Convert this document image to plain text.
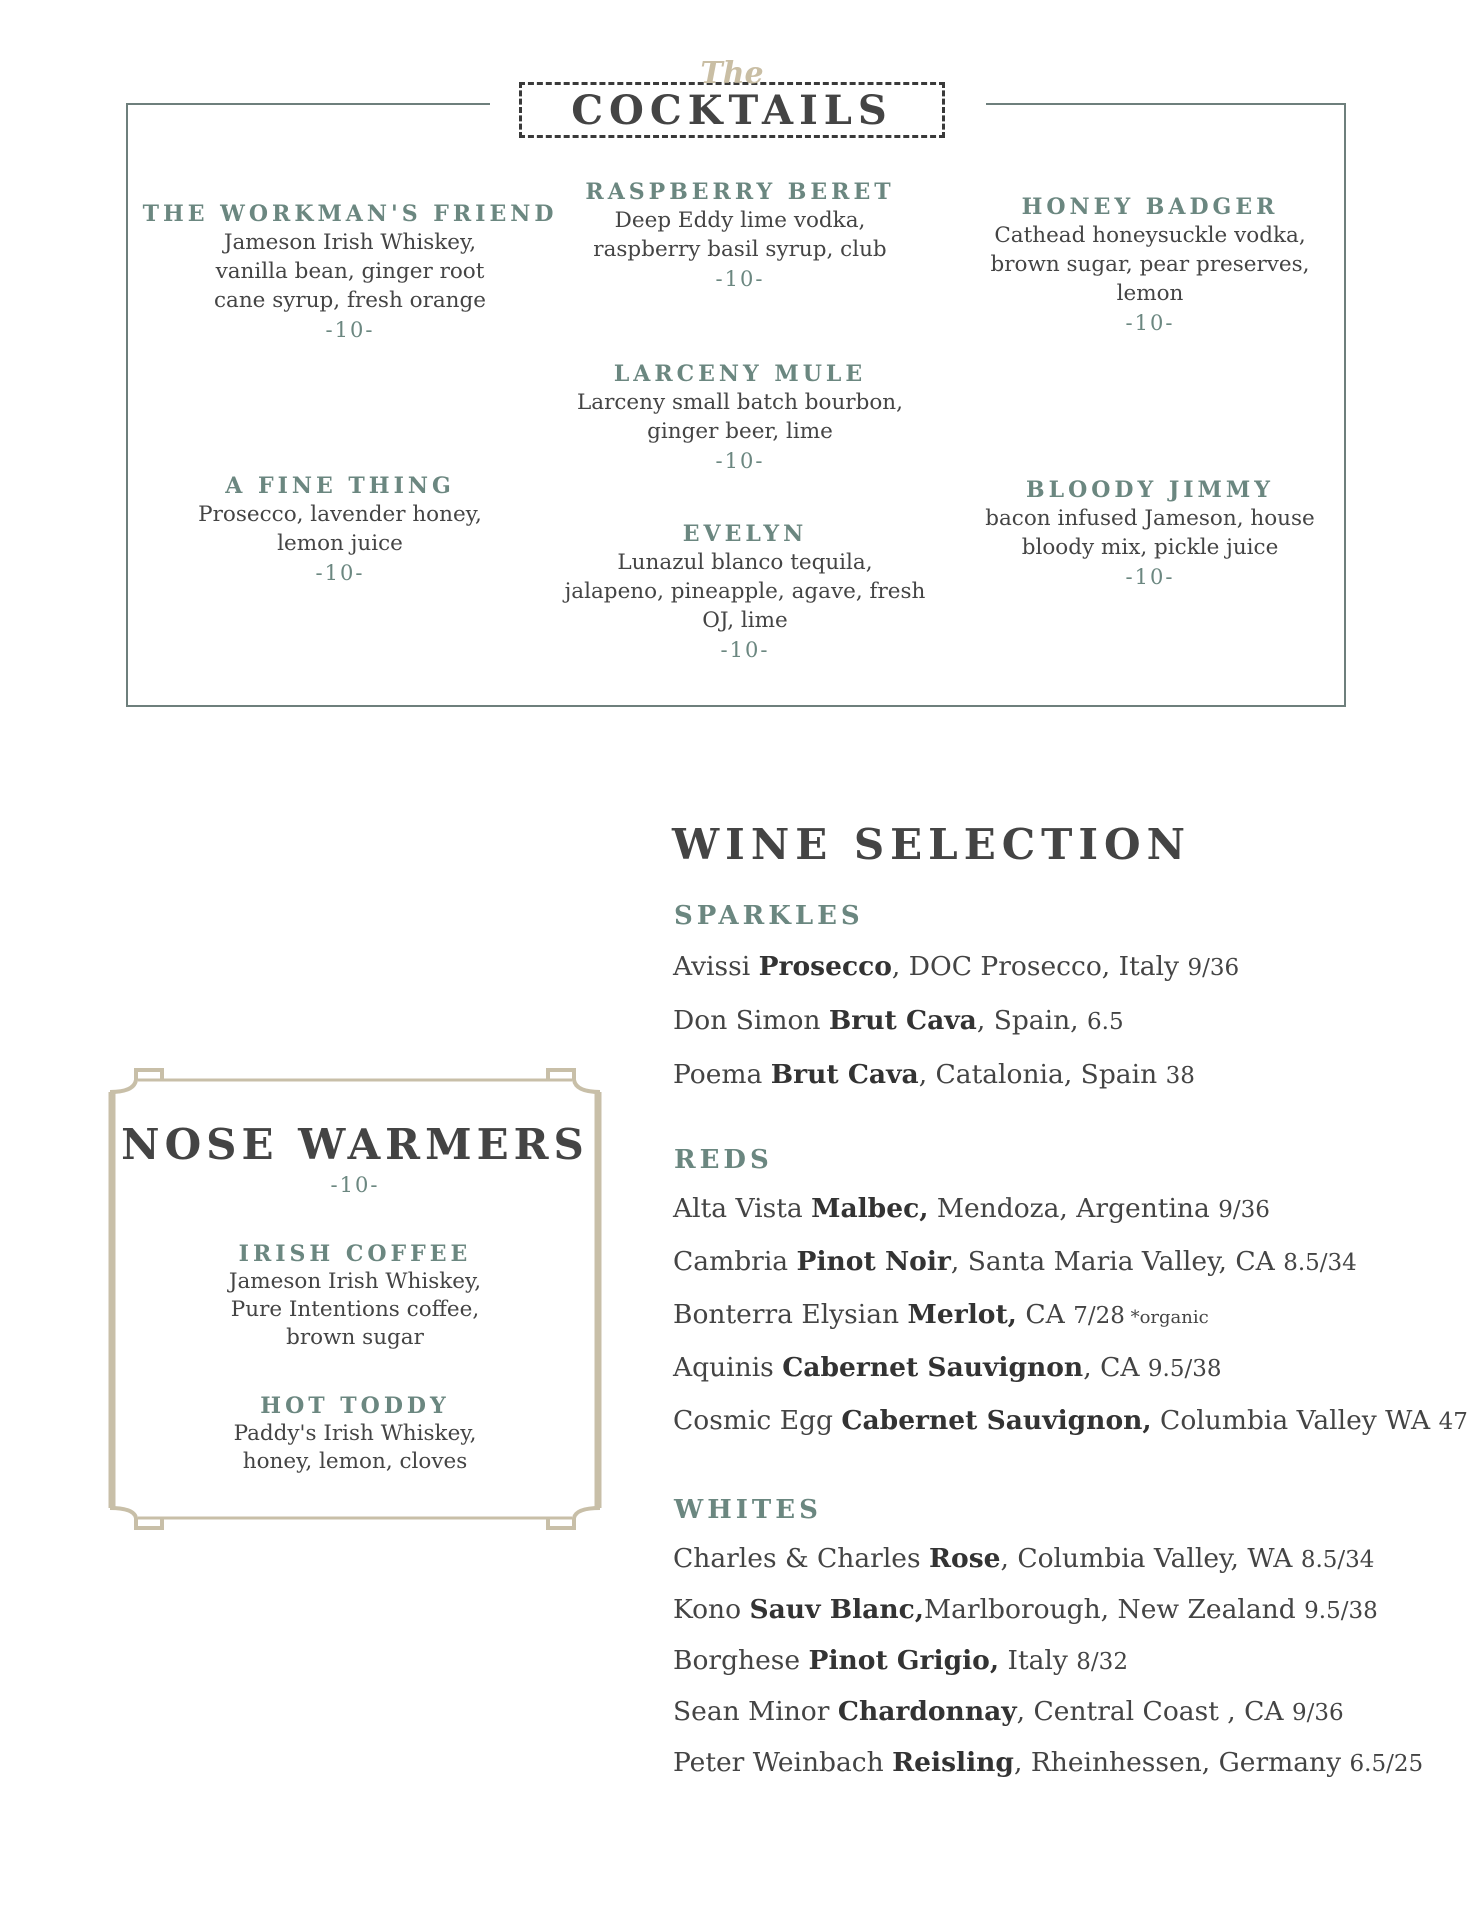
The
COCKTAILS
THE WORKMAN'S FRIEND
Jameson Irish Whiskey,
vanilla bean, ginger root
cane syrup, fresh orange
-10-
RASPBERRY BERET
Deep Eddy lime vodka,
raspberry basil syrup, club
-10-
HONEY BADGER
Cathead honeysuckle vodka,
brown sugar, pear preserves,
lemon
-10-
LARCENY MULE
Larceny small batch bourbon,
ginger beer, lime
-10-
A FINE THING
Prosecco, lavender honey,
lemon juice
-10-
BLOODY JIMMY
bacon infused Jameson, house
bloody mix, pickle juice
-10-
EVELYN
Lunazul blanco tequila,
jalapeno, pineapple, agave, fresh
OJ, lime
-10-
NOSE WARMERS
-10-
IRISH COFFEE
Jameson Irish Whiskey,
Pure Intentions coffee,
brown sugar
HOT TODDY
Paddy's Irish Whiskey,
honey, lemon, cloves
WINE SELECTION
SPARKLES
Avissi Prosecco, DOC Prosecco, Italy 9/36
Don Simon Brut Cava, Spain, 6.5
Poema Brut Cava, Catalonia, Spain 38
REDS
Alta Vista Malbec, Mendoza, Argentina 9/36
Cambria Pinot Noir, Santa Maria Valley, CA 8.5/34
Bonterra Elysian Merlot, CA 7/28 *organic
Aquinis Cabernet Sauvignon, CA 9.5/38
Cosmic Egg Cabernet Sauvignon, Columbia Valley WA 47
WHITES
Charles & Charles Rose, Columbia Valley, WA 8.5/34
Kono Sauv Blanc,Marlborough, New Zealand 9.5/38
Borghese Pinot Grigio, Italy 8/32
Sean Minor Chardonnay, Central Coast , CA 9/36
Peter Weinbach Reisling, Rheinhessen, Germany 6.5/25
